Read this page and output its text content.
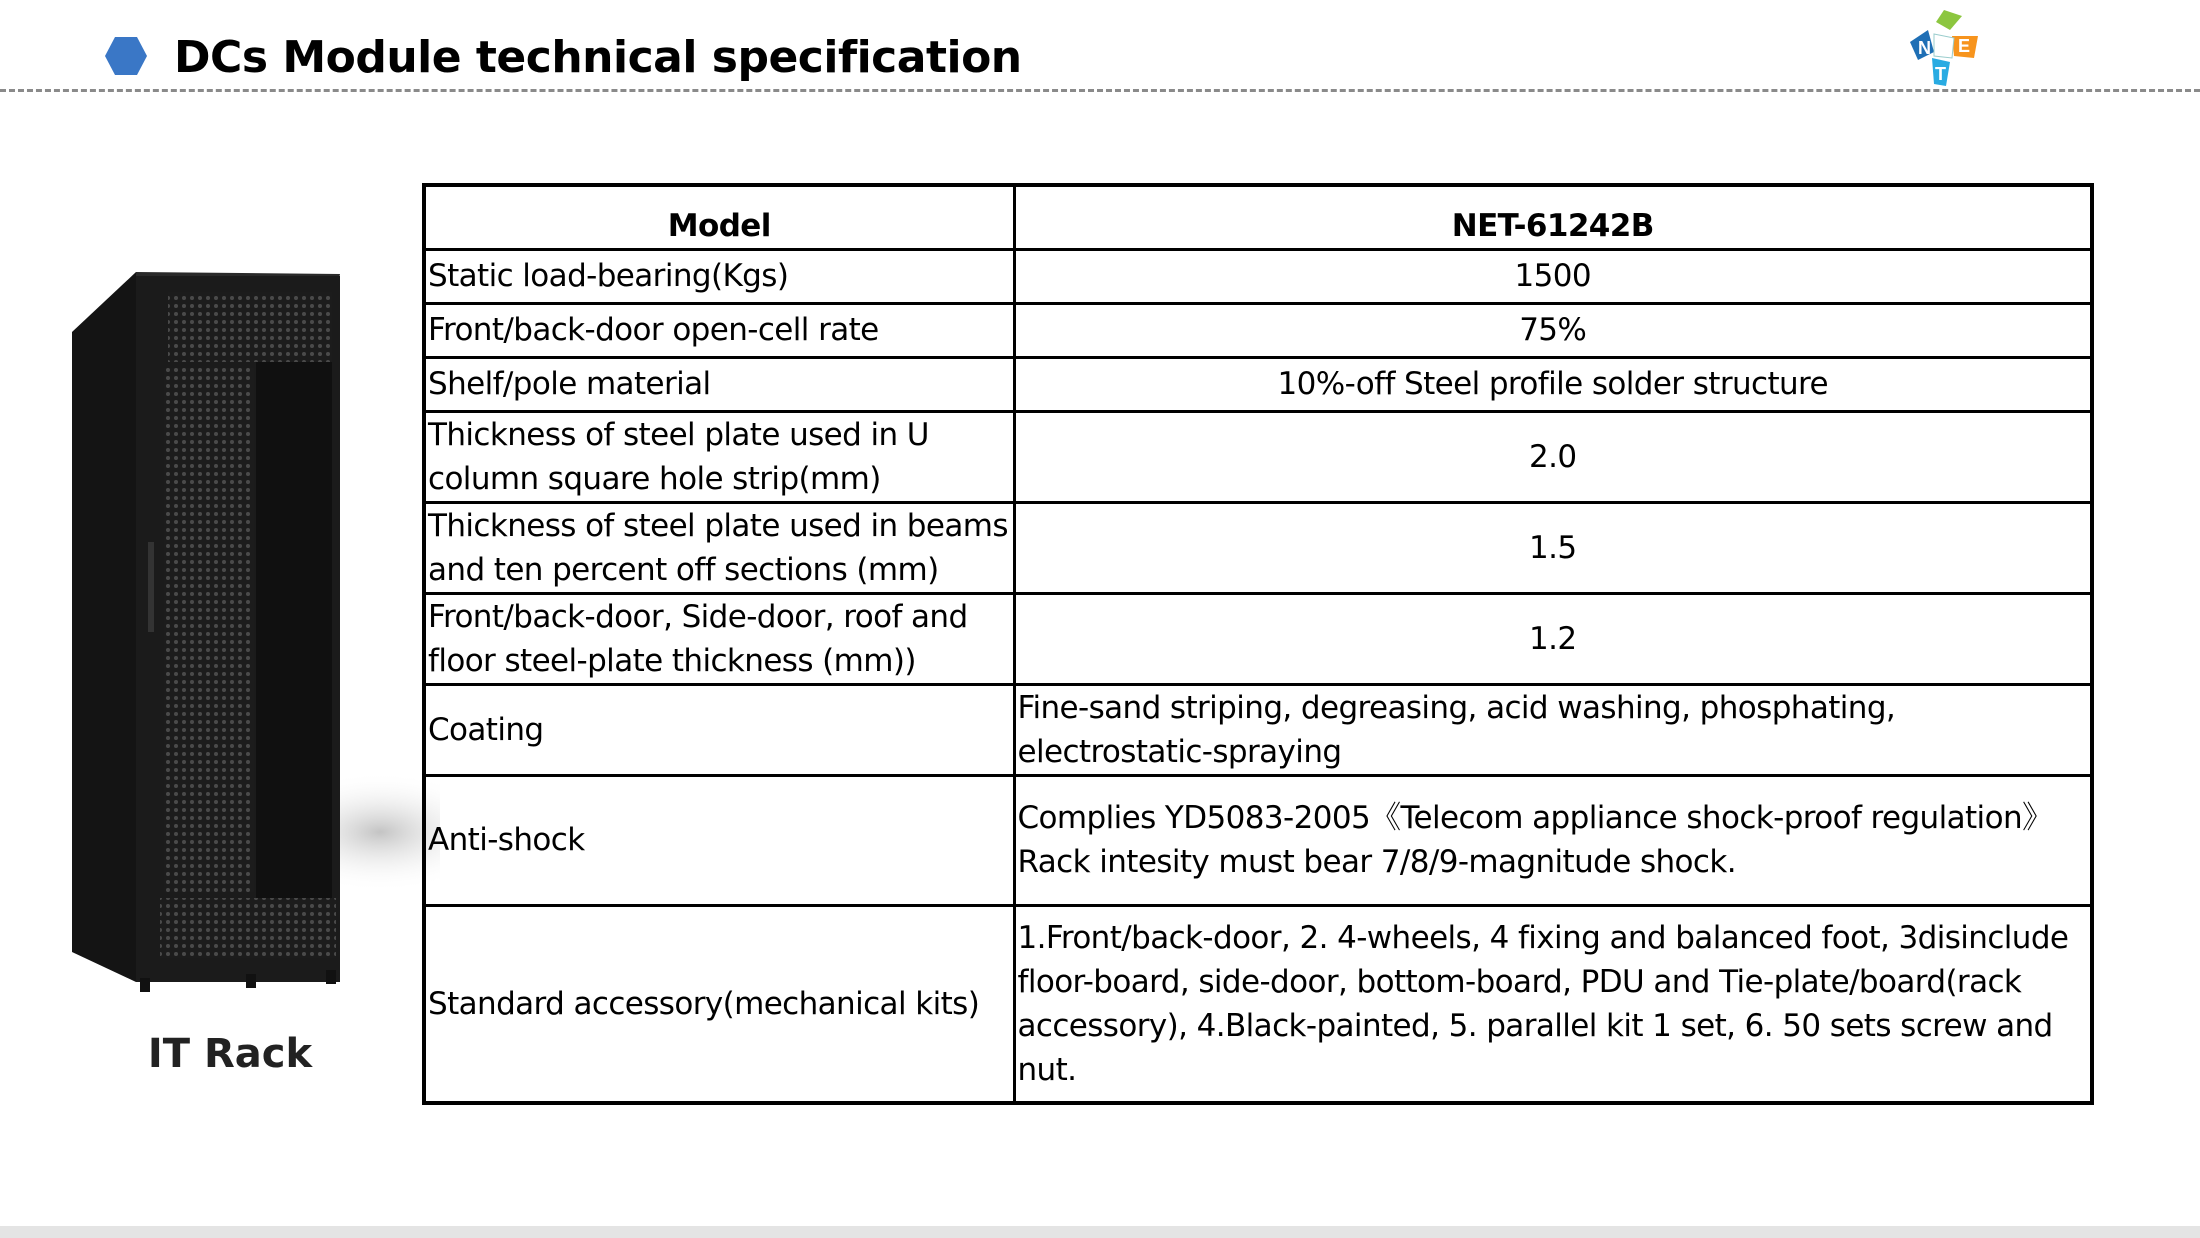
DCs Module technical specification	N E
T
IT Rack
Model	NET-61242B
Static load-bearing(Kgs)	1500
Front/back-door open-cell rate	75%
Shelf/pole material	10%-off Steel profile solder structure
Thickness of steel plate used in U column square hole strip(mm)	2.0
Thickness of steel plate used in beams and ten percent off sections (mm)	1.5
Front/back-door, Side-door, roof and floor steel-plate thickness (mm))	1.2
Coating	Fine-sand striping, degreasing, acid washing, phosphating, electrostatic-spraying
Anti-shock	Complies YD5083-2005《Telecom appliance shock-proof regulation》Rack intesity must bear 7/8/9-magnitude shock.
Standard accessory(mechanical kits)	1.Front/back-door, 2. 4-wheels, 4 fixing and balanced foot, 3disinclude floor-board, side-door, bottom-board, PDU and Tie-plate/board(rack accessory), 4.Black-painted, 5. parallel kit 1 set, 6. 50 sets screw and nut.
